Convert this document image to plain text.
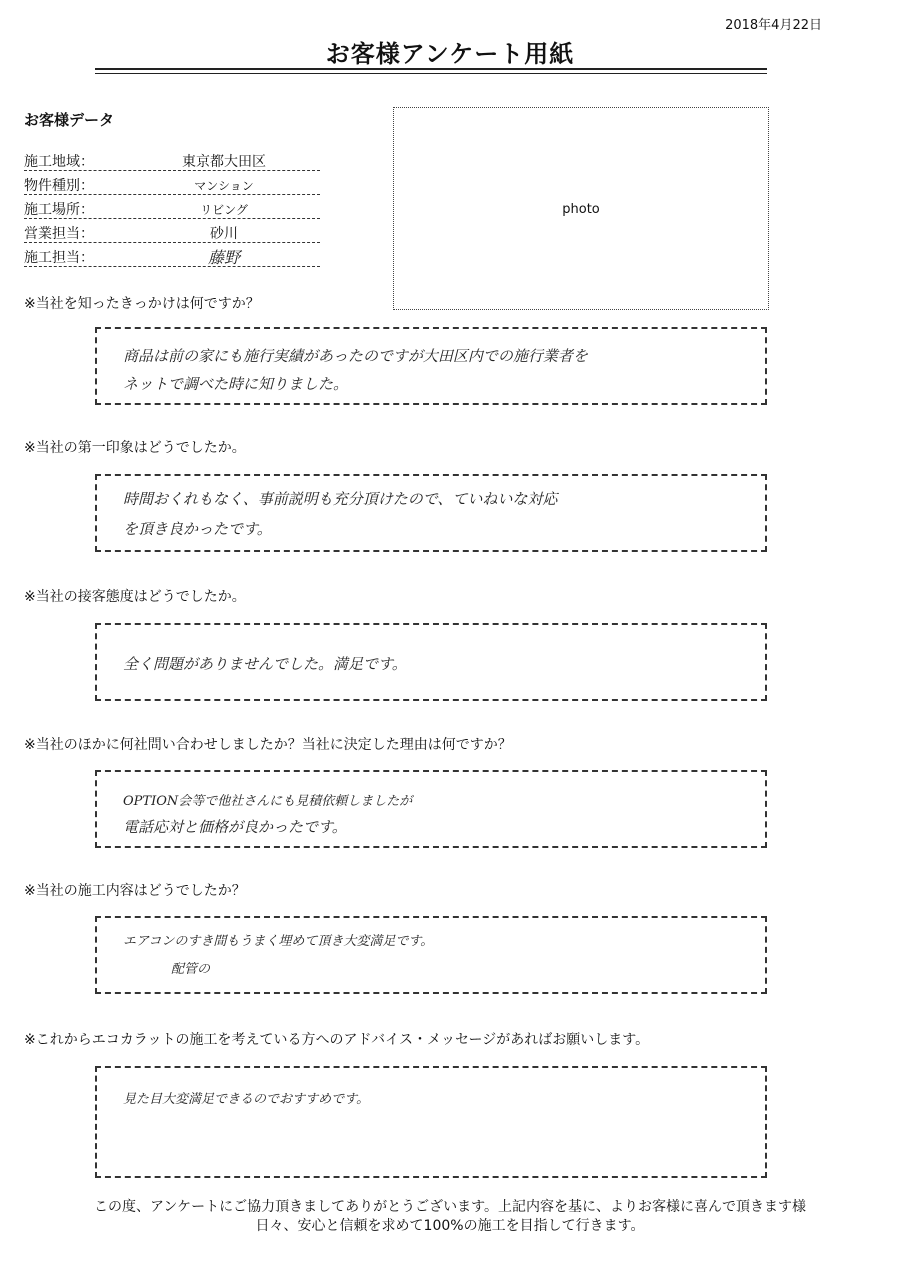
2018年4月22日
お客様アンケート用紙
お客様データ
施工地域：	東京都大田区
物件種別：	マンション
施工場所：	リビング
営業担当：	砂川
施工担当：	藤野
photo
※当社を知ったきっかけは何ですか？
商品は前の家にも施行実績があったのですが大田区内での施行業者を
ネットで調べた時に知りました。
※当社の第一印象はどうでしたか。
時間おくれもなく、事前説明も充分頂けたので、ていねいな対応
を頂き良かったです。
※当社の接客態度はどうでしたか。
全く問題がありませんでした。満足です。
※当社のほかに何社問い合わせしましたか？当社に決定した理由は何ですか？
OPTION会等で他社さんにも見積依頼しましたが
電話応対と価格が良かったです。
※当社の施工内容はどうでしたか？
エアコンのすき間もうまく埋めて頂き大変満足です。
配管の
※これからエコカラットの施工を考えている方へのアドバイス・メッセージがあればお願いします。
見た目大変満足できるのでおすすめです。
この度、アンケートにご協力頂きましてありがとうございます。上記内容を基に、よりお客様に喜んで頂きます様
日々、安心と信頼を求めて100%の施工を目指して行きます。
